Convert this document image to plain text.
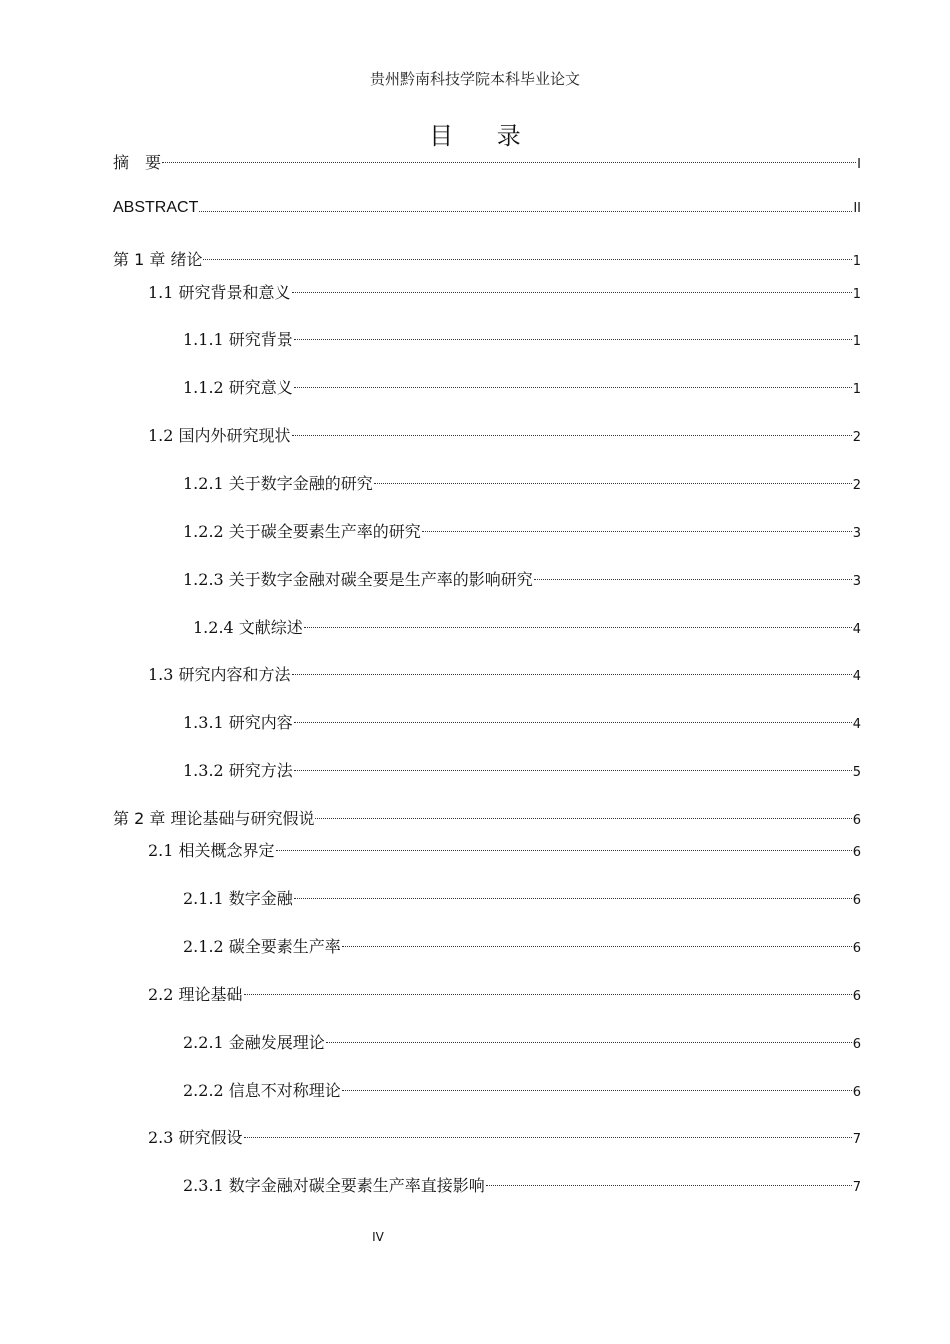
贵州黔南科技学院本科毕业论文
目 录
摘　要	I
ABSTRACT	II
第 1 章 绪论	1
1.1 研究背景和意义	1
1.1.1 研究背景	1
1.1.2 研究意义	1
1.2 国内外研究现状	2
1.2.1 关于数字金融的研究	2
1.2.2 关于碳全要素生产率的研究	3
1.2.3 关于数字金融对碳全要是生产率的影响研究	3
1.2.4 文献综述	4
1.3 研究内容和方法	4
1.3.1 研究内容	4
1.3.2 研究方法	5
第 2 章 理论基础与研究假说	6
2.1 相关概念界定	6
2.1.1 数字金融	6
2.1.2 碳全要素生产率	6
2.2 理论基础	6
2.2.1 金融发展理论	6
2.2.2 信息不对称理论	6
2.3 研究假设	7
2.3.1 数字金融对碳全要素生产率直接影响	7
IV
